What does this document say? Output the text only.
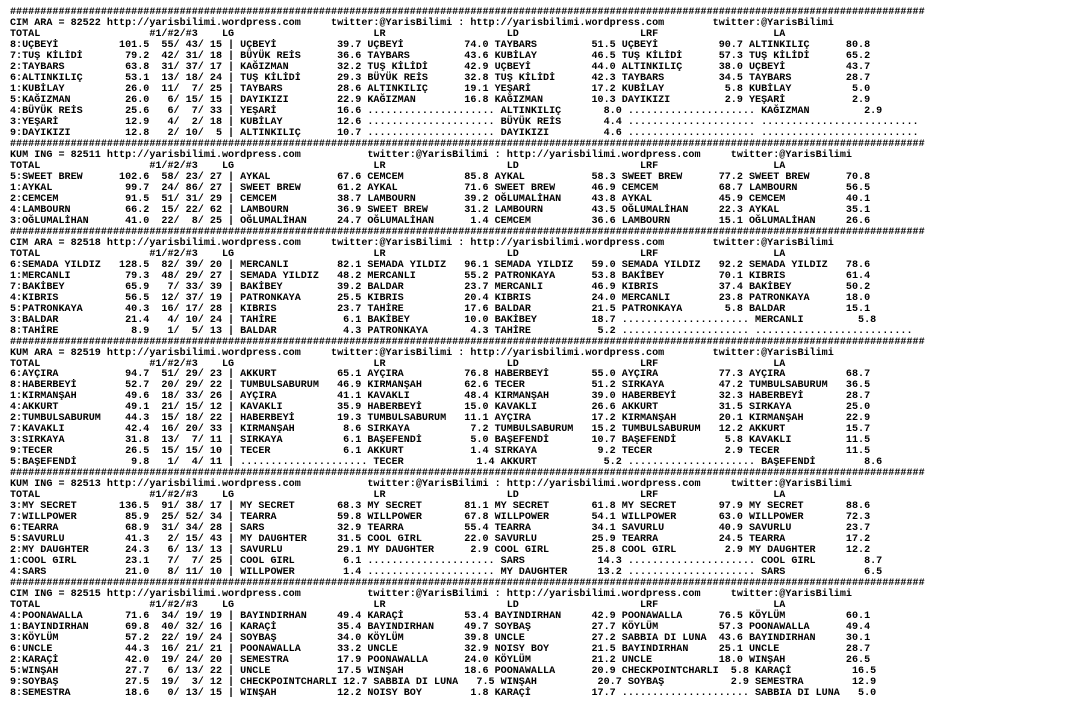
#######################################################################################################################################################
CIM ARA = 82522 http://yarisbilimi.wordpress.com     twitter:@YarisBilimi : http://yarisbilimi.wordpress.com        twitter:@YarisBilimi
TOTAL                  #1/#2/#3    LG                       LR                    LD                    LRF                   LA
8:UÇBEYİ          101.5  55/ 43/ 15 | UÇBEYİ          39.7 UÇBEYİ          74.0 TAYBARS         51.5 UÇBEYİ          90.7 ALTINKILIÇ      80.8
7:TUŞ KİLİDİ       79.2  42/ 31/ 18 | BÜYÜK REİS      36.6 TAYBARS         43.6 KUBİLAY         46.5 TUŞ KİLİDİ      57.3 TUŞ KİLİDİ      65.2
2:TAYBARS          63.8  31/ 37/ 17 | KAĞIZMAN        32.2 TUŞ KİLİDİ      42.9 UÇBEYİ          44.0 ALTINKILIÇ      38.0 UÇBEYİ          43.7
6:ALTINKILIÇ       53.1  13/ 18/ 24 | TUŞ KİLİDİ      29.3 BÜYÜK REİS      32.8 TUŞ KİLİDİ      42.3 TAYBARS         34.5 TAYBARS         28.7
1:KUBİLAY          26.0  11/  7/ 25 | TAYBARS         28.6 ALTINKILIÇ      19.1 YEŞARİ          17.2 KUBİLAY          5.8 KUBİLAY          5.0
5:KAĞIZMAN         26.0   6/ 15/ 15 | DAYIKIZI        22.9 KAĞIZMAN        16.8 KAĞIZMAN        10.3 DAYIKIZI         2.9 YEŞARİ           2.9
4:BÜYÜK REİS       25.6   6/  7/ 33 | YEŞARİ          16.6 ..................... ALTINKILIÇ       8.0 ..................... KAĞIZMAN         2.9
3:YEŞARİ           12.9   4/  2/ 18 | KUBİLAY         12.6 ..................... BÜYÜK REİS       4.4 ..................... ..........................
9:DAYIKIZI         12.8   2/ 10/  5 | ALTINKILIÇ      10.7 ..................... DAYIKIZI         4.6 ..................... ..........................
#######################################################################################################################################################
KUM ING = 82511 http://yarisbilimi.wordpress.com           twitter:@YarisBilimi : http://yarisbilimi.wordpress.com     twitter:@YarisBilimi
TOTAL                  #1/#2/#3    LG                       LR                    LD                    LRF                   LA
5:SWEET BREW      102.6  58/ 23/ 27 | AYKAL           67.6 CEMCEM          85.8 AYKAL           58.3 SWEET BREW      77.2 SWEET BREW      70.8
1:AYKAL            99.7  24/ 86/ 27 | SWEET BREW      61.2 AYKAL           71.6 SWEET BREW      46.9 CEMCEM          68.7 LAMBOURN        56.5
2:CEMCEM           91.5  51/ 31/ 29 | CEMCEM          38.7 LAMBOURN        39.2 OĞLUMALİHAN     43.8 AYKAL           45.9 CEMCEM          40.1
4:LAMBOURN         66.2  15/ 22/ 62 | LAMBOURN        36.9 SWEET BREW      31.2 LAMBOURN        43.5 OĞLUMALİHAN     22.3 AYKAL           35.1
3:OĞLUMALİHAN      41.0  22/  8/ 25 | OĞLUMALİHAN     24.7 OĞLUMALİHAN      1.4 CEMCEM          36.6 LAMBOURN        15.1 OĞLUMALİHAN     26.6
#######################################################################################################################################################
CIM ARA = 82518 http://yarisbilimi.wordpress.com     twitter:@YarisBilimi : http://yarisbilimi.wordpress.com        twitter:@YarisBilimi
TOTAL                  #1/#2/#3    LG                       LR                    LD                    LRF                   LA
6:SEMADA YILDIZ   128.5  82/ 39/ 20 | MERCANLI        82.1 SEMADA YILDIZ   96.1 SEMADA YILDIZ   59.0 SEMADA YILDIZ   92.2 SEMADA YILDIZ   78.6
1:MERCANLI         79.3  48/ 29/ 27 | SEMADA YILDIZ   48.2 MERCANLI        55.2 PATRONKAYA      53.8 BAKİBEY         70.1 KIBRIS          61.4
7:BAKİBEY          65.9   7/ 33/ 39 | BAKİBEY         39.2 BALDAR          23.7 MERCANLI        46.9 KIBRIS          37.4 BAKİBEY         50.2
4:KIBRIS           56.5  12/ 37/ 19 | PATRONKAYA      25.5 KIBRIS          20.4 KIBRIS          24.0 MERCANLI        23.8 PATRONKAYA      18.0
5:PATRONKAYA       40.3  16/ 17/ 28 | KIBRIS          23.7 TAHİRE          17.6 BALDAR          21.5 PATRONKAYA       5.8 BALDAR          15.1
3:BALDAR           21.4   4/ 10/ 24 | TAHİRE           6.1 BAKİBEY         10.0 BAKİBEY         18.7 ..................... MERCANLI         5.8
8:TAHİRE            8.9   1/  5/ 13 | BALDAR           4.3 PATRONKAYA       4.3 TAHİRE           5.2 ..................... ..........................
#######################################################################################################################################################
KUM ARA = 82519 http://yarisbilimi.wordpress.com     twitter:@YarisBilimi : http://yarisbilimi.wordpress.com        twitter:@YarisBilimi
TOTAL                  #1/#2/#3    LG                       LR                    LD                    LRF                   LA
6:AYÇIRA           94.7  51/ 29/ 23 | AKKURT          65.1 AYÇIRA          76.8 HABERBEYİ       55.0 AYÇIRA          77.3 AYÇIRA          68.7
8:HABERBEYİ        52.7  20/ 29/ 22 | TUMBULSABURUM   46.9 KIRMANŞAH       62.6 TECER           51.2 SIRKAYA         47.2 TUMBULSABURUM   36.5
1:KIRMANŞAH        49.6  18/ 33/ 26 | AYÇIRA          41.1 KAVAKLI         48.4 KIRMANŞAH       39.0 HABERBEYİ       32.3 HABERBEYİ       28.7
4:AKKURT           49.1  21/ 15/ 12 | KAVAKLI         35.9 HABERBEYİ       15.0 KAVAKLI         26.6 AKKURT          31.5 SIRKAYA         25.0
2:TUMBULSABURUM    44.3  15/ 18/ 22 | HABERBEYİ       19.3 TUMBULSABURUM   11.1 AYÇIRA          17.2 KIRMANŞAH       20.1 KIRMANŞAH       22.9
7:KAVAKLI          42.4  16/ 20/ 33 | KIRMANŞAH        8.6 SIRKAYA          7.2 TUMBULSABURUM   15.2 TUMBULSABURUM   12.2 AKKURT          15.7
3:SIRKAYA          31.8  13/  7/ 11 | SIRKAYA          6.1 BAŞEFENDİ        5.0 BAŞEFENDİ       10.7 BAŞEFENDİ        5.8 KAVAKLI         11.5
9:TECER            26.5  15/ 15/ 10 | TECER            6.1 AKKURT           1.4 SIRKAYA          9.2 TECER            2.9 TECER           11.5
5:BAŞEFENDİ         9.8   1/  4/ 11 | ..................... TECER            1.4 AKKURT           5.2 ..................... BAŞEFENDİ        8.6
#######################################################################################################################################################
KUM ING = 82513 http://yarisbilimi.wordpress.com           twitter:@YarisBilimi : http://yarisbilimi.wordpress.com     twitter:@YarisBilimi
TOTAL                  #1/#2/#3    LG                       LR                    LD                    LRF                   LA
3:MY SECRET       136.5  91/ 38/ 17 | MY SECRET       68.3 MY SECRET       81.1 MY SECRET       61.8 MY SECRET       97.9 MY SECRET       88.6
7:WILLPOWER        85.9  25/ 52/ 34 | TEARRA          59.8 WILLPOWER       67.8 WILLPOWER       54.1 WILLPOWER       63.0 WILLPOWER       72.3
6:TEARRA           68.9  31/ 34/ 28 | SARS            32.9 TEARRA          55.4 TEARRA          34.1 SAVURLU         40.9 SAVURLU         23.7
5:SAVURLU          41.3   2/ 15/ 43 | MY DAUGHTER     31.5 COOL GIRL       22.0 SAVURLU         25.9 TEARRA          24.5 TEARRA          17.2
2:MY DAUGHTER      24.3   6/ 13/ 13 | SAVURLU         29.1 MY DAUGHTER      2.9 COOL GIRL       25.8 COOL GIRL        2.9 MY DAUGHTER     12.2
1:COOL GIRL        23.1   7/  7/ 25 | COOL GIRL        6.1 ..................... SARS            14.3 ..................... COOL GIRL        8.7
4:SARS             21.0   8/ 11/ 10 | WILLPOWER        1.4 ..................... MY DAUGHTER     13.2 ..................... SARS             6.5
#######################################################################################################################################################
CIM ING = 82515 http://yarisbilimi.wordpress.com           twitter:@YarisBilimi : http://yarisbilimi.wordpress.com     twitter:@YarisBilimi
TOTAL                  #1/#2/#3    LG                       LR                    LD                    LRF                   LA
4:POONAWALLA       71.6  34/ 19/ 19 | BAYINDIRHAN     49.4 KARAÇİ          53.4 BAYINDIRHAN     42.9 POONAWALLA      76.5 KÖYLÜM          60.1
1:BAYINDIRHAN      69.8  40/ 32/ 16 | KARAÇİ          35.4 BAYINDIRHAN     49.7 SOYBAŞ          27.7 KÖYLÜM          57.3 POONAWALLA      49.4
3:KÖYLÜM           57.2  22/ 19/ 24 | SOYBAŞ          34.0 KÖYLÜM          39.8 UNCLE           27.2 SABBIA DI LUNA  43.6 BAYINDIRHAN     30.1
6:UNCLE            44.3  16/ 21/ 21 | POONAWALLA      33.2 UNCLE           32.9 NOISY BOY       21.5 BAYINDIRHAN     25.1 UNCLE           28.7
2:KARAÇİ           42.0  19/ 24/ 20 | SEMESTRA        17.9 POONAWALLA      24.0 KÖYLÜM          21.2 UNCLE           18.0 WINŞAH          26.5
5:WINŞAH           27.7   6/ 13/ 22 | UNCLE           17.5 WINŞAH          18.6 POONAWALLA      20.9 CHECKPOINTCHARLI  5.8 KARAÇİ          16.5
9:SOYBAŞ           27.5  19/  3/ 12 | CHECKPOINTCHARLI 12.7 SABBIA DI LUNA   7.5 WINŞAH          20.7 SOYBAŞ           2.9 SEMESTRA        12.9
8:SEMESTRA         18.6   0/ 13/ 15 | WINŞAH          12.2 NOISY BOY        1.8 KARAÇİ          17.7 ..................... SABBIA DI LUNA   5.0
